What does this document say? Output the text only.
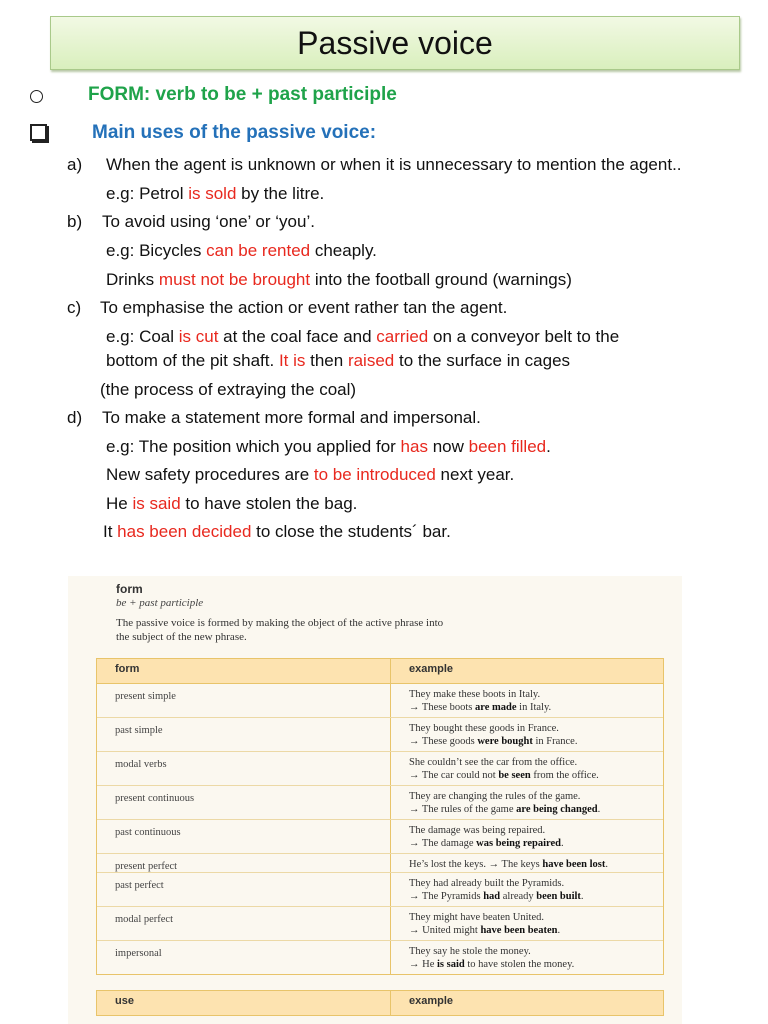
Passive voice
FORM: verb to be + past participle
Main uses of the passive voice:
a) When the agent is unknown or when it is unnecessary to mention the agent..
e.g: Petrol is sold by the litre.
b) To avoid using ‘one’ or ‘you’.
e.g: Bicycles can be rented cheaply.
Drinks must not be brought into the football ground (warnings)
c) To emphasise the action or event rather tan the agent.
e.g: Coal is cut at the coal face and carried on a conveyor belt to the
bottom of the pit shaft. It is then raised to the surface in cages
(the process of extraying the coal)
d) To make a statement more formal and impersonal.
e.g: The position which you applied for has now been filled.
New safety procedures are to be introduced next year.
He is said to have stolen the bag.
It has been decided to close the students´ bar.
form
be + past participle
The passive voice is formed by making the object of the active phrase into the subject of the new phrase.
form	example
present simple	They make these boots in Italy.
→ These boots are made in Italy.
past simple	They bought these goods in France.
→ These goods were bought in France.
modal verbs	She couldn’t see the car from the office.
→ The car could not be seen from the office.
present continuous	They are changing the rules of the game.
→ The rules of the game are being changed.
past continuous	The damage was being repaired.
→ The damage was being repaired.
present perfect	He’s lost the keys. → The keys have been lost.
past perfect	They had already built the Pyramids.
→ The Pyramids had already been built.
modal perfect	They might have beaten United.
→ United might have been beaten.
impersonal	They say he stole the money.
→ He is said to have stolen the money.
use	example
